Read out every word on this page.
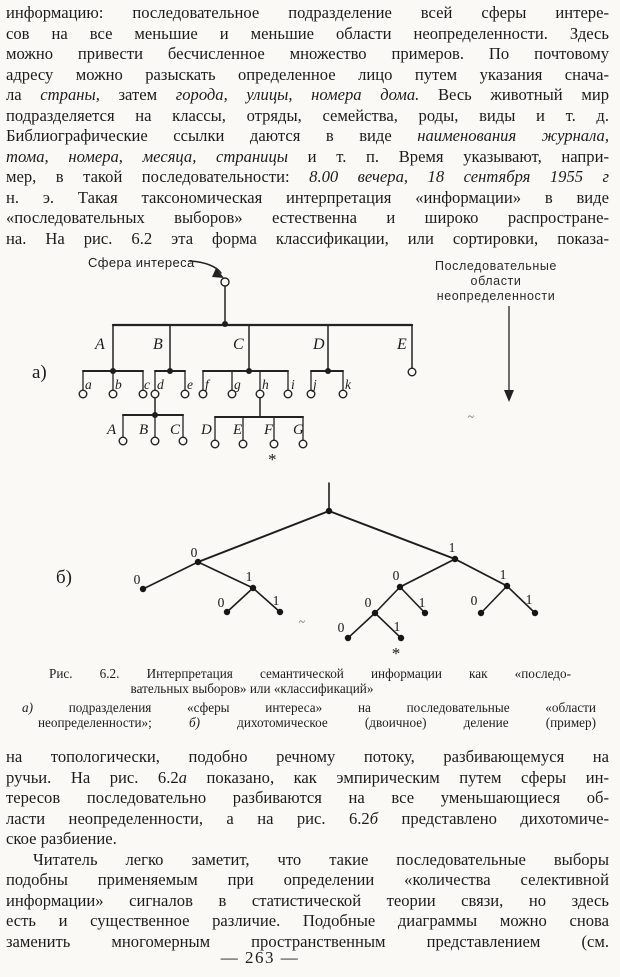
информацию: последовательное подразделение всей сферы интере-
сов на все меньшие и меньшие области неопределенности. Здесь
можно привести бесчисленное множество примеров. По почтовому
адресу можно разыскать определенное лицо путем указания снача-
ла страны, затем города, улицы, номера дома. Весь животный мир
подразделяется на классы, отряды, семейства, роды, виды и т. д.
Библиографические ссылки даются в виде наименования журнала,
тома, номера, месяца, страницы и т. п. Время указывают, напри-
мер, в такой последовательности: 8.00 вечера, 18 сентября 1955 г
н. э. Такая таксономическая интерпретация «информации» в виде
«последовательных выборов» естественна и широко распростране-
на. На рис. 6.2 эта форма классификации, или сортировки, показа-
а)
Сфера интереса
A	B	C	D	E
a b c d e f g h i j k
A B C D E F G
*
Последовательные
области
неопределенности
~
б)
0	1
0	1
0	1
0	1
0	1
0	1
0	1
*
~
Рис. 6.2. Интерпретация семантической информации как «последо-
вательных выборов» или «классификаций»
а) подразделения «сферы интереса» на последовательные «области
неопределенности»; б) дихотомическое (двоичное) деление (пример)
на топологически, подобно речному потоку, разбивающемуся на
ручьи. На рис. 6.2а показано, как эмпирическим путем сферы ин-
тересов последовательно разбиваются на все уменьшающиеся об-
ласти неопределенности, а на рис. 6.2б представлено дихотомиче-
ское разбиение.
Читатель легко заметит, что такие последовательные выборы
подобны применяемым при определении «количества селективной
информации» сигналов в статистической теории связи, но здесь
есть и существенное различие. Подобные диаграммы можно снова
заменить многомерным пространственным представлением (см.
— 263 —
